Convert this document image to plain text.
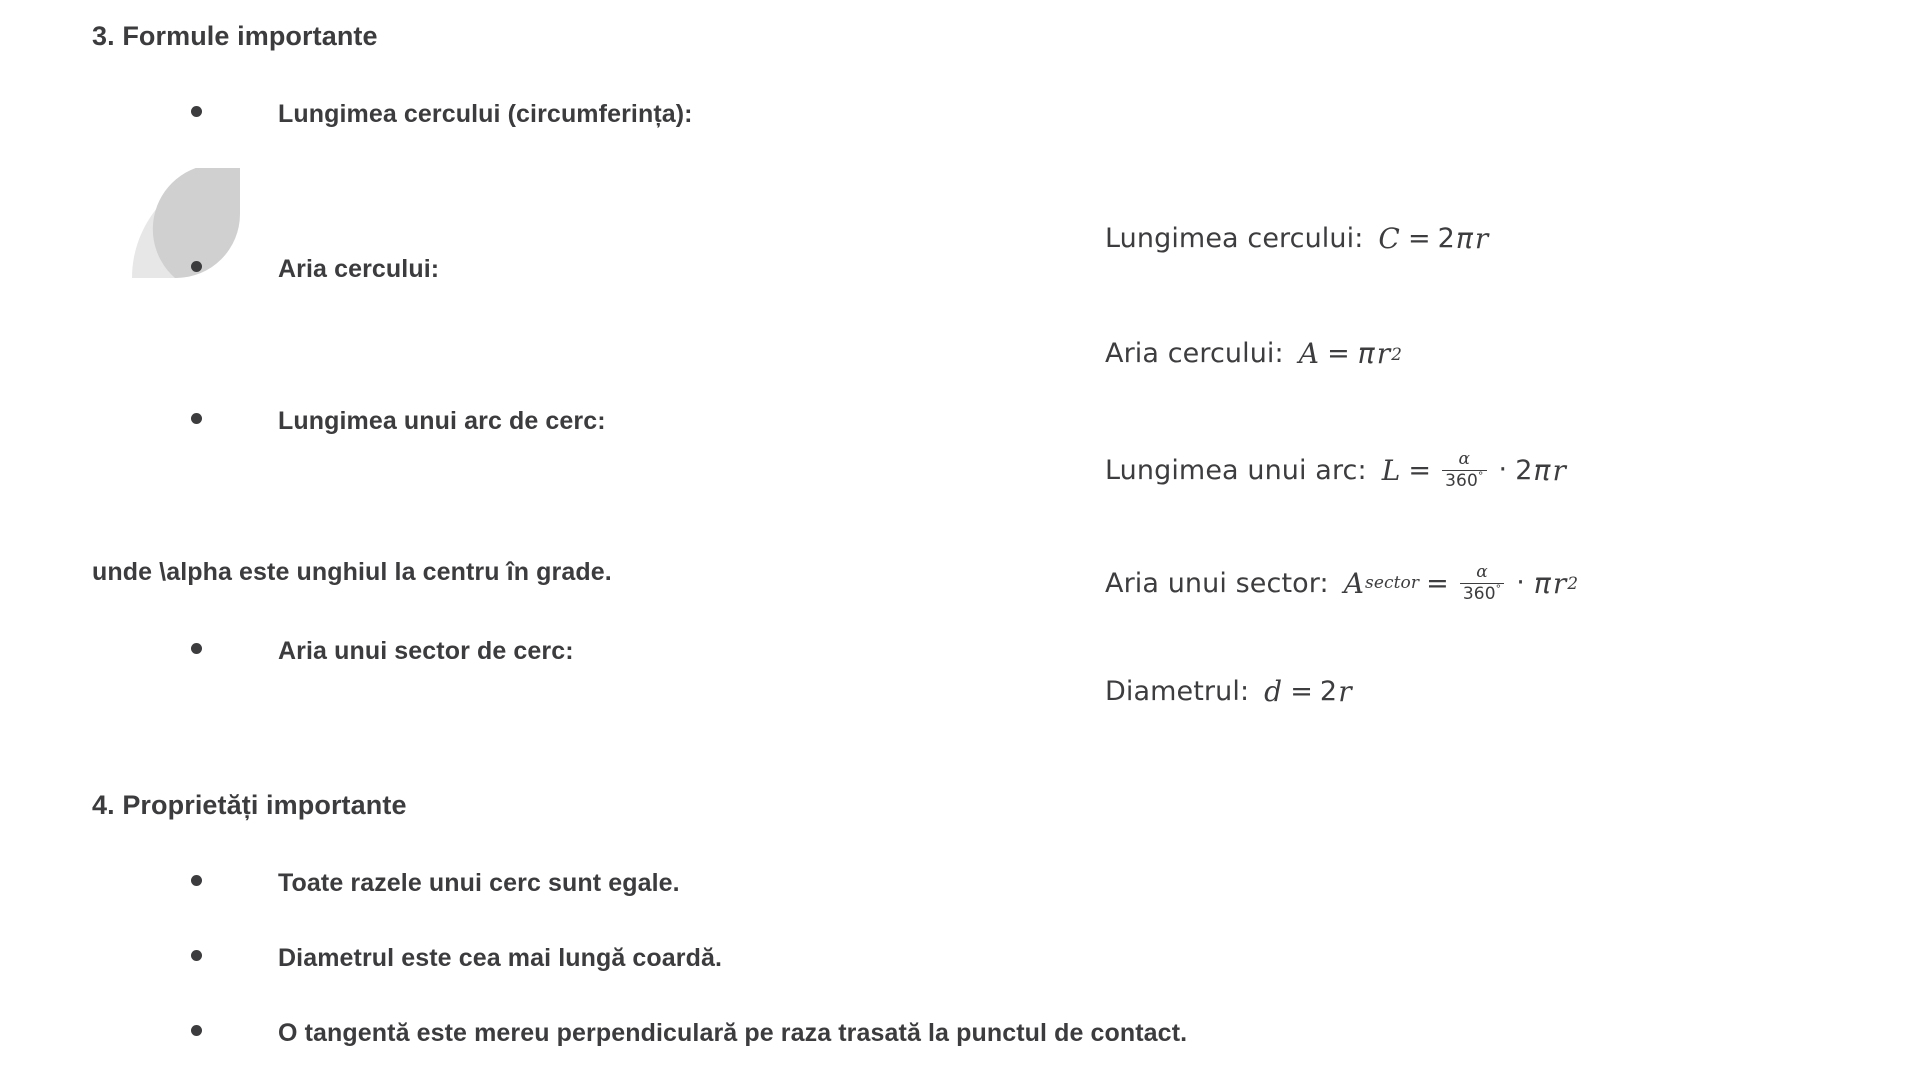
3. Formule importante
Lungimea cercului (circumferința):
Aria cercului:
Lungimea unui arc de cerc:
unde \alpha este unghiul la centru în grade.
Aria unui sector de cerc:
4. Proprietăți importante
Toate razele unui cerc sunt egale.
Diametrul este cea mai lungă coardă.
O tangentă este mereu perpendiculară pe raza trasată la punctul de contact.
Lungimea cercului: C = 2 π r
Aria cercului: A = π r 2
Lungimea unui arc: $L = \frac{\alpha}{360^\circ} \cdot 2$ π r
Aria unui sector: A sector = $\frac{\alpha}{360^\circ} \cdot \pi$ r 2
Diametrul: d = 2 r
